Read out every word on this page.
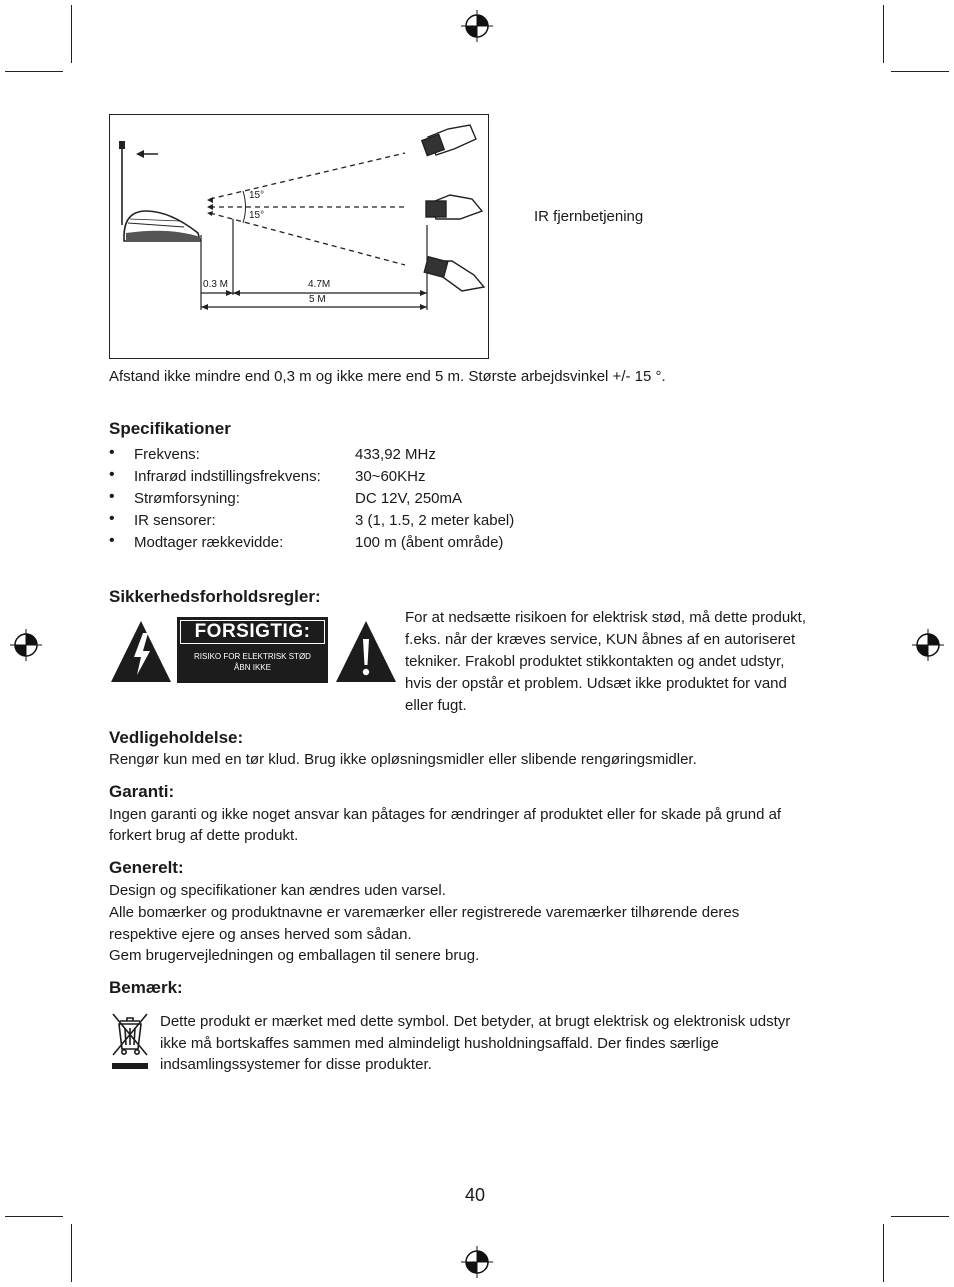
15°
15°
0.3 M	4.7M
5 M
IR fjernbetjening

Afstand ikke mindre end 0,3 m og ikke mere end 5 m. Største arbejdsvinkel +/- 15 °.

Specifikationer
• Frekvens:	433,92 MHz
• Infrarød indstillingsfrekvens: 30~60KHz
• Strømforsyning:	DC 12V, 250mA
• IR sensorer:	3 (1, 1.5, 2 meter kabel)
• Modtager rækkevidde:	100 m (åbent område)
Sikkerhedsforholdsregler:
FORSIGTIG:
RISIKO FOR ELEKTRISK STØD
ÅBN IKKE

For at nedsætte risikoen for elektrisk stød, må dette produkt,

f.eks. når der kræves service, KUN åbnes af en autoriseret

tekniker. Frakobl produktet stikkontakten og andet udstyr,

hvis der opstår et problem. Udsæt ikke produktet for vand

eller fugt.

Vedligeholdelse:

Rengør kun med en tør klud. Brug ikke opløsningsmidler eller slibende rengøringsmidler.

Garanti:

Ingen garanti og ikke noget ansvar kan påtages for ændringer af produktet eller for skade på grund af

forkert brug af dette produkt.

Generelt:

Design og specifikationer kan ændres uden varsel.

Alle bomærker og produktnavne er varemærker eller registrerede varemærker tilhørende deres

respektive ejere og anses herved som sådan.

Gem brugervejledningen og emballagen til senere brug.

Bemærk:

Dette produkt er mærket med dette symbol. Det betyder, at brugt elektrisk og elektronisk udstyr

ikke må bortskaffes sammen med almindeligt husholdningsaffald. Der findes særlige

indsamlingssystemer for disse produkter.

40
